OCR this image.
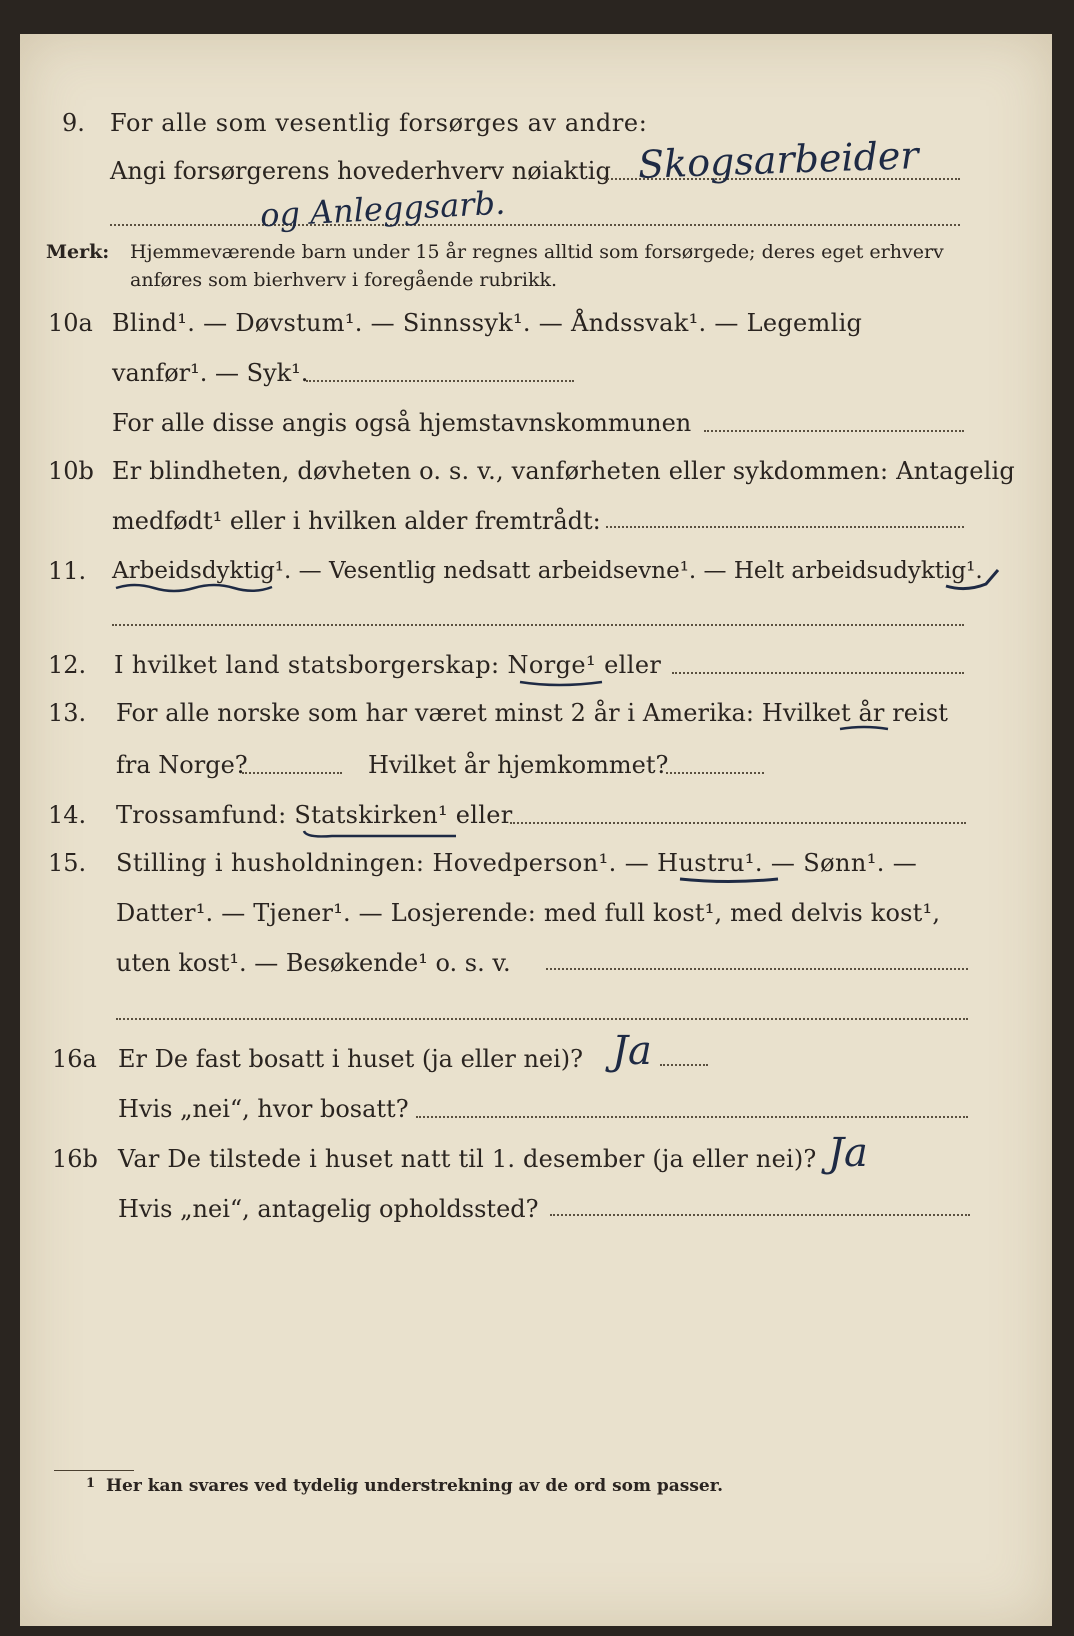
9. For alle som vesentlig forsørges av andre:
Angi forsørgerens hovederhverv nøiaktig Skogsarbeider
og Anleggsarb.
Merk: Hjemmeværende barn under 15 år regnes alltid som forsørgede; deres eget erhverv
anføres som bierhverv i foregående rubrikk.
10a Blind¹. — Døvstum¹. — Sinnssyk¹. — Åndssvak¹. — Legemlig
vanfør¹. — Syk¹.
For alle disse angis også hjemstavnskommunen
10b Er blindheten, døvheten o. s. v., vanførheten eller sykdommen: Antagelig
medfødt¹ eller i hvilken alder fremtrådt:
11. Arbeidsdyktig¹. — Vesentlig nedsatt arbeidsevne¹. — Helt arbeidsudyktig¹.
12. I hvilket land statsborgerskap: Norge¹ eller
13. For alle norske som har været minst 2 år i Amerika: Hvilket år reist
fra Norge?	Hvilket år hjemkommet?
14. Trossamfund: Statskirken¹ eller
15. Stilling i husholdningen: Hovedperson¹. — Hustru¹. — Sønn¹. —
Datter¹. — Tjener¹. — Losjerende: med full kost¹, med delvis kost¹,
uten kost¹. — Besøkende¹ o. s. v.
16a Er De fast bosatt i huset (ja eller nei)? Ja
Hvis „nei“, hvor bosatt?
16b Var De tilstede i huset natt til 1. desember (ja eller nei)? Ja
Hvis „nei“, antagelig opholdssted?
1 Her kan svares ved tydelig understrekning av de ord som passer.
